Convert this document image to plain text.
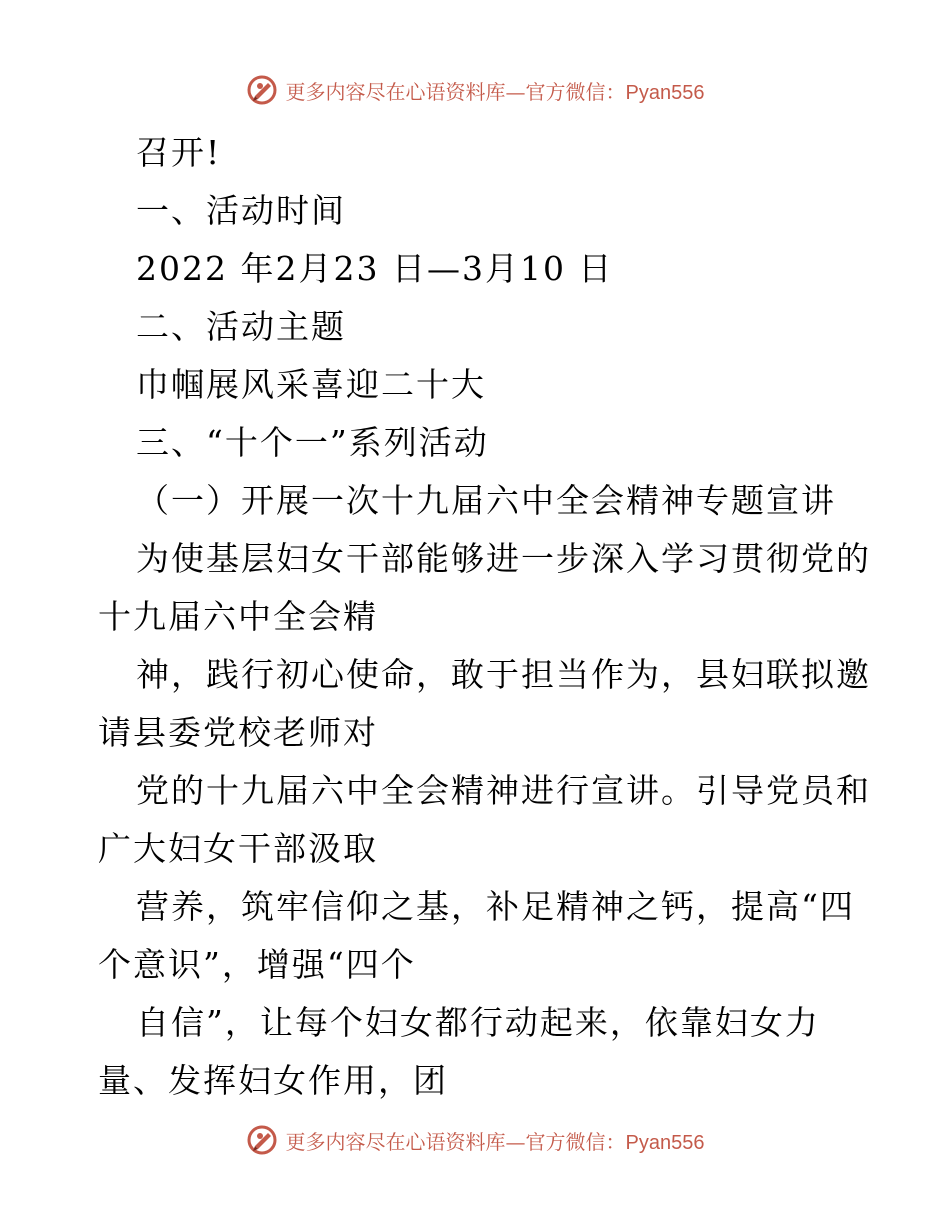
更多内容尽在心语资料库—官方微信：Pyan556
召开!
一、活动时间
2022 年2月23 日—3月10 日
二、活动主题
巾帼展风采喜迎二十大
三、“十个一”系列活动
（一）开展一次十九届六中全会精神专题宣讲
为使基层妇女干部能够进一步深入学习贯彻党的
十九届六中全会精
神，践行初心使命，敢于担当作为，县妇联拟邀
请县委党校老师对
党的十九届六中全会精神进行宣讲。引导党员和
广大妇女干部汲取
营养，筑牢信仰之基，补足精神之钙，提高“四
个意识”，增强“四个
自信”，让每个妇女都行动起来，依靠妇女力
量、发挥妇女作用，团
更多内容尽在心语资料库—官方微信：Pyan556
